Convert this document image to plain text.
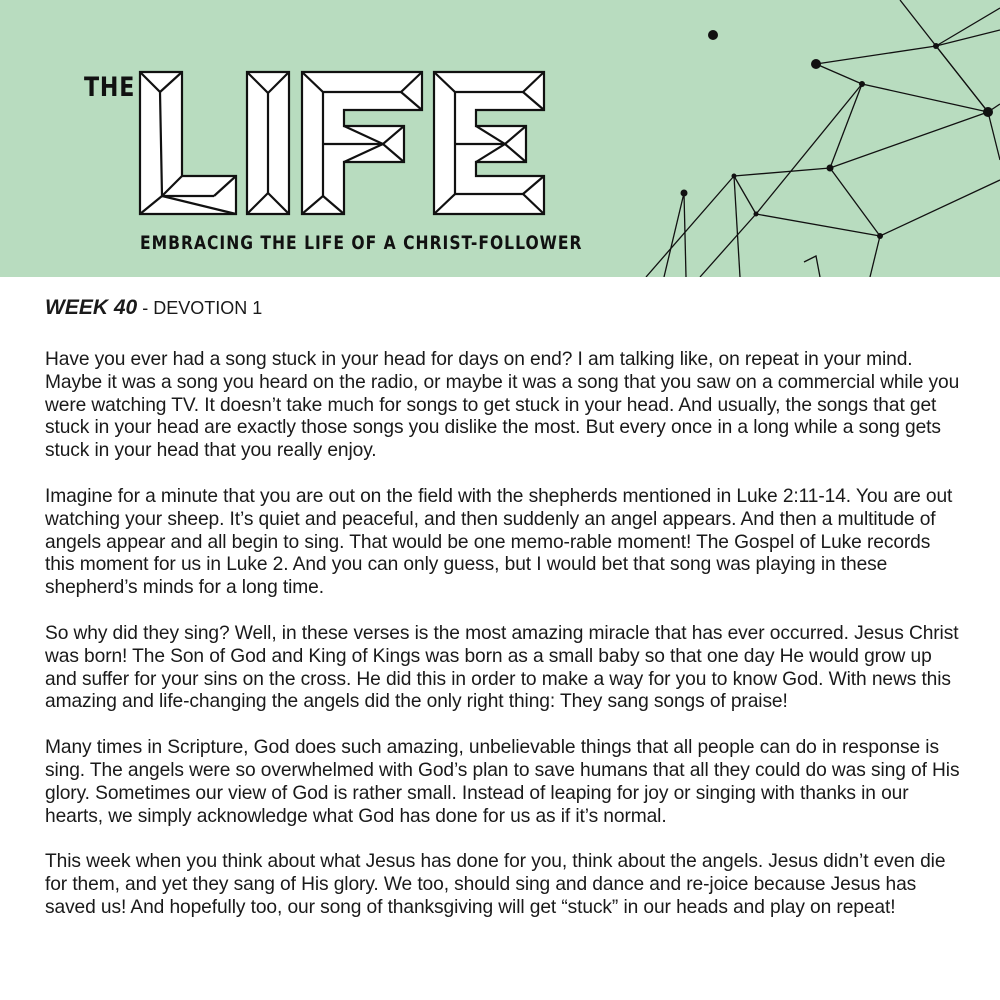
THE
EMBRACING THE LIFE OF A CHRIST-FOLLOWER
WEEK 40 - DEVOTION 1

Have you ever had a song stuck in your head for days on end? I am talking like, on repeat in your mind. Maybe it was a song you heard on the radio, or maybe it was a song that you saw on a commercial while you were watching TV. It doesn’t take much for songs to get stuck in your head. And usually, the songs that get stuck in your head are exactly those songs you dislike the most. But every once in a long while a song gets stuck in your head that you really enjoy.

Imagine for a minute that you are out on the field with the shepherds mentioned in Luke 2:11-14. You are out watching your sheep. It’s quiet and peaceful, and then suddenly an angel appears. And then a multitude of angels appear and all begin to sing. That would be one memo-rable moment! The Gospel of Luke records this moment for us in Luke 2. And you can only guess, but I would bet that song was playing in these shepherd’s minds for a long time.

So why did they sing? Well, in these verses is the most amazing miracle that has ever occurred. Jesus Christ was born! The Son of God and King of Kings was born as a small baby so that one day He would grow up and suffer for your sins on the cross. He did this in order to make a way for you to know God. With news this amazing and life-changing the angels did the only right thing: They sang songs of praise!

Many times in Scripture, God does such amazing, unbelievable things that all people can do in response is sing. The angels were so overwhelmed with God’s plan to save humans that all they could do was sing of His glory. Sometimes our view of God is rather small. Instead of leaping for joy or singing with thanks in our hearts, we simply acknowledge what God has done for us as if it’s normal.

This week when you think about what Jesus has done for you, think about the angels. Jesus didn’t even die for them, and yet they sang of His glory. We too, should sing and dance and re-joice because Jesus has saved us! And hopefully too, our song of thanksgiving will get “stuck” in our heads and play on repeat!
